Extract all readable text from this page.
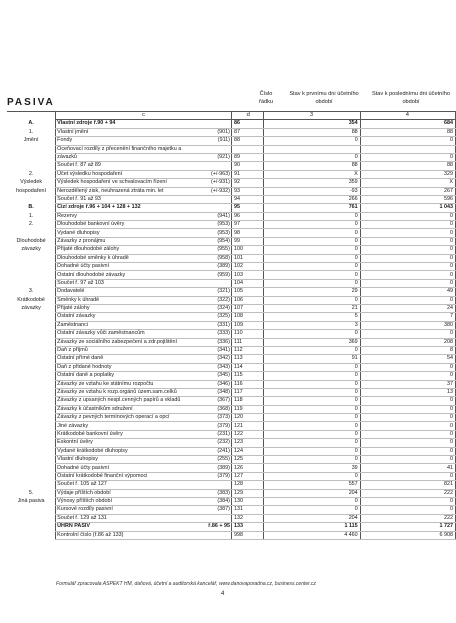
PASIVA
Číslo řádku
Stav k prvnímu dni účetního období
Stav k poslednímu dni účetního období
	c		d	3	4
A.	Vlastní zdroje ř.90 + 94		86	354	684
1.	Vlastní jmění	(901)	87	88	88
Jmění	Fondy	(911)	88	0	0
	Oceňovací rozdíly z přecenění finančního majetku a				
	závazků	(921)	89	0	0
	Součet ř. 87 až 89		90	88	88
2.	Účet výsledku hospodaření	(+/-963)	91	X	329
Výsledek	Výsledek hospodaření ve schvalovacím řízení	(+/-931)	92	359	X
hospodaření	Nerozdělený zisk, neuhrazená ztráta min. let	(+/-932)	93	-93	267
	Součet ř. 91 až 93		94	266	596
B.	Cizí zdroje ř.96 + 104 + 128 + 132		95	761	1 043
1.	Rezervy	(941)	96	0	0
2.	Dlouhodobé bankovní úvěry	(953)	97	0	0
	Vydané dluhopisy	(953)	98	0	0
Dlouhodobé	Závazky z pronájmu	(954)	99	0	0
závazky	Přijaté dlouhodobé zálohy	(955)	100	0	0
	Dlouhodobé směnky k úhradě	(958)	101	0	0
	Dohadné účty pasivní	(389)	102	0	0
	Ostatní dlouhodobé závazky	(959)	103	0	0
	Součet ř. 97 až 103		104	0	0
3.	Dodavatelé	(321)	105	29	49
Krátkodobé	Směnky k úhradě	(322)	106	0	0
závazky	Přijaté zálohy	(324)	107	21	24
	Ostatní závazky	(325)	108	5	7
	Zaměstnanci	(331)	109	3	380
	Ostatní závazky vůči zaměstnancům	(333)	110	0	0
	Závazky ze sociálního zabezpečení a zdr.pojištění	(336)	111	369	208
	Daň z příjmů	(341)	112	0	8
	Ostatní přímé daně	(342)	113	91	54
	Daň z přidané hodnoty	(343)	114	0	0
	Ostatní daně a poplatky	(345)	115	0	0
	Závazky ze vztahu ke státnímu rozpočtu	(346)	116	0	37
	Závazky ze vztahu k rozp.orgánů územ.sam.celků	(348)	117	0	13
	Závazky z upsaných nespl.cenných papírů a vkladů	(367)	118	0	0
	Závazky k účastníkům sdružení	(368)	119	0	0
	Závazky z pevných termínových operací a opcí	(373)	120	0	0
	Jiné závazky	(379)	121	0	0
	Krátkodobé bankovní úvěry	(231)	122	0	0
	Eskontní úvěry	(232)	123	0	0
	Vydané krátkodobé dluhopisy	(241)	124	0	0
	Vlastní dluhopisy	(255)	125	0	0
	Dohadné účty pasivní	(389)	126	39	41
	Ostatní krátkodobé finanční výpomoci	(379)	127	0	0
	Součet ř. 105 až 127		128	557	821
5.	Výdaje příštích období	(383)	129	204	222
Jiná pasiva	Výnosy příštích období	(384)	130	0	0
	Kursové rozdíly pasivní	(387)	131	0	0
	Součet ř. 129 až 131		132	204	222
	ÚHRN PASIV	ř.86 + 95	133	1 115	1 727
	Kontrolní číslo (ř.86 až 133)		998	4 460	6 908
Formulář zpracovala ASPEKT HM, daňová, účetní a auditorská kancelář, www.danovaporadna.cz, business.center.cz
4
